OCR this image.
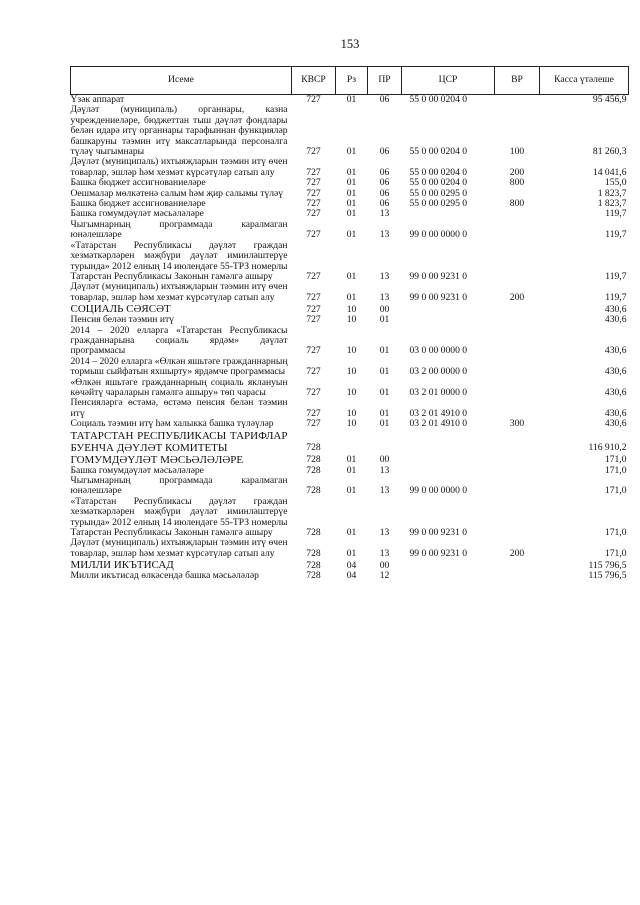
153
Исеме	КВСР	Рз	ПР	ЦСР	ВР	Касса үтәлеше
Үзәк аппарат	727	01	06	55 0 00 0204 0		95 456,9
Дәүләт (муниципаль) органнары, казна учреждениеләре, бюджеттан тыш дәүләт фондлары белән идарә итү органнары тарафыннан функцияләр башкаруны тәэмин итү максатларында персоналга түләү чыгымнары	727	01	06	55 0 00 0204 0	100	81 260,3
Дәүләт (муниципаль) ихтыяҗларын тәэмин итү өчен товарлар, эшләр һәм хезмәт күрсәтүләр сатып алу	727	01	06	55 0 00 0204 0	200	14 041,6
Башка бюджет ассигнованиеләре	727	01	06	55 0 00 0204 0	800	155,0
Оешмалар мөлкәтенә салым һәм җир салымы түләү	727	01	06	55 0 00 0295 0		1 823,7
Башка бюджет ассигнованиеләре	727	01	06	55 0 00 0295 0	800	1 823,7
Башка гомумдәүләт мәсьәләләре	727	01	13			119,7
Чыгымнарның программада каралмаган юнәлешләре	727	01	13	99 0 00 0000 0		119,7
«Татарстан Республикасы дәүләт граждан хезмәткәрләрен мәҗбүри дәүләт иминләштерүе турында» 2012 елның 14 июлендәге 55-ТРЗ номерлы Татарстан Республикасы Законын гамәлгә ашыру	727	01	13	99 0 00 9231 0		119,7
Дәүләт (муниципаль) ихтыяҗларын тәэмин итү өчен товарлар, эшләр һәм хезмәт күрсәтүләр сатып алу	727	01	13	99 0 00 9231 0	200	119,7
СОЦИАЛЬ СӘЯСӘТ	727	10	00			430,6
Пенсия белән тәэмин итү	727	10	01			430,6
2014 – 2020 елларга «Татарстан Республикасы гражданнарына социаль ярдәм» дәүләт программасы	727	10	01	03 0 00 0000 0		430,6
2014 – 2020 елларга «Өлкән яшьтәге гражданнарның тормыш сыйфатын яхшырту» ярдәмче программасы	727	10	01	03 2 00 0000 0		430,6
«Өлкән яшьтәге гражданнарның социаль яклануын көчәйтү чараларын гамәлгә ашыру» төп чарасы	727	10	01	03 2 01 0000 0		430,6
Пенсияләргә өстәмә, өстәмә пенсия белән тәэмин итү	727	10	01	03 2 01 4910 0		430,6
Социаль тәэмин итү һәм халыкка башка түләүләр	727	10	01	03 2 01 4910 0	300	430,6
ТАТАРСТАН РЕСПУБЛИКАСЫ ТАРИФЛАР БУЕНЧА ДӘҮЛӘТ КОМИТЕТЫ	728					116 910,2
ГОМУМДӘҮЛӘТ МӘСЬӘЛӘЛӘРЕ	728	01	00			171,0
Башка гомумдәүләт мәсьәләләре	728	01	13			171,0
Чыгымнарның программада каралмаган юнәлешләре	728	01	13	99 0 00 0000 0		171,0
«Татарстан Республикасы дәүләт граждан хезмәткәрләрен мәҗбүри дәүләт иминләштерүе турында» 2012 елның 14 июлендәге 55-ТРЗ номерлы Татарстан Республикасы Законын гамәлгә ашыру	728	01	13	99 0 00 9231 0		171,0
Дәүләт (муниципаль) ихтыяҗларын тәэмин итү өчен товарлар, эшләр һәм хезмәт күрсәтүләр сатып алу	728	01	13	99 0 00 9231 0	200	171,0
МИЛЛИ ИКЪТИСАД	728	04	00			115 796,5
Милли икътисад өлкәсендә башка мәсьәләләр	728	04	12			115 796,5
